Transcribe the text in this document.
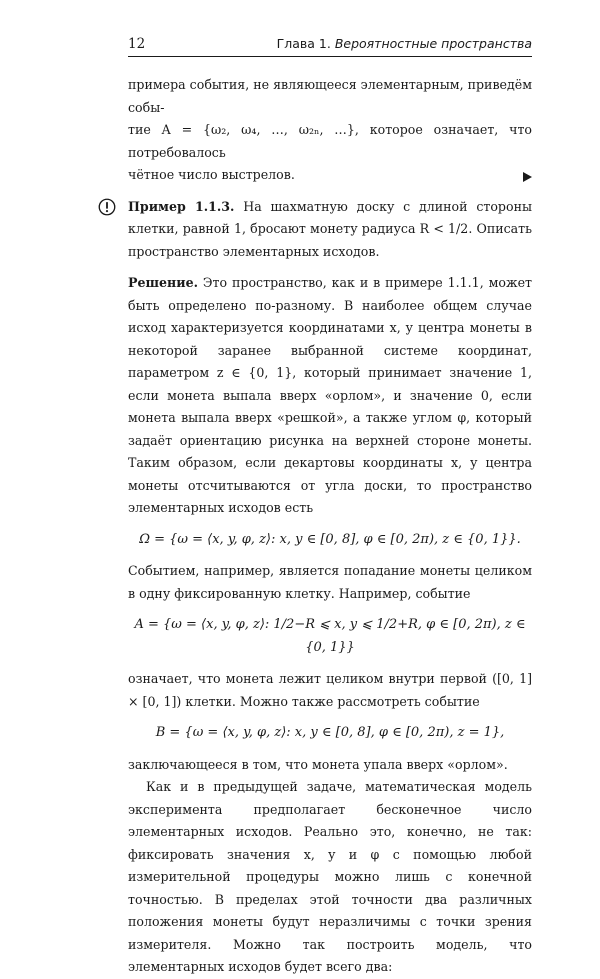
12	Глава 1. Вероятностные пространства

примера события, не являющееся элементарным, приведём собы-

тие A = {ω₂, ω₄, …, ω₂ₙ, …}, которое означает, что потребовалось

чётное число выстрелов.

Пример 1.1.3. На шахматную доску с длиной стороны клетки, равной 1, бросают монету радиуса R < 1/2. Описать пространство элементарных исходов.

Решение. Это пространство, как и в примере 1.1.1, может быть определено по-разному. В наиболее общем случае исход характеризуется координатами x, y центра монеты в некоторой заранее выбранной системе координат, параметром z ∈ {0, 1}, который принимает значение 1, если монета выпала вверх «орлом», и значение 0, если монета выпала вверх «решкой», а также углом φ, который задаёт ориентацию рисунка на верхней стороне монеты. Таким образом, если декартовы координаты x, y центра монеты отсчитываются от угла доски, то пространство элементарных исходов есть

Ω = {ω = ⟨x, y, φ, z⟩: x, y ∈ [0, 8], φ ∈ [0, 2π), z ∈ {0, 1}}.

Событием, например, является попадание монеты целиком в одну фиксированную клетку. Например, событие

A = {ω = ⟨x, y, φ, z⟩: 1/2−R ⩽ x, y ⩽ 1/2+R, φ ∈ [0, 2π), z ∈ {0, 1}}

означает, что монета лежит целиком внутри первой ([0, 1] × [0, 1]) клетки. Можно также рассмотреть событие

B = {ω = ⟨x, y, φ, z⟩: x, y ∈ [0, 8], φ ∈ [0, 2π), z = 1},

заключающееся в том, что монета упала вверх «орлом».

Как и в предыдущей задаче, математическая модель эксперимента предполагает бесконечное число элементарных исходов. Реально это, конечно, не так: фиксировать значения x, y и φ с помощью любой измерительной процедуры можно лишь с конечной точностью. В пределах этой точности два различных положения монеты будут неразличимы с точки зрения измерителя. Можно так построить модель, что элементарных исходов будет всего два:
